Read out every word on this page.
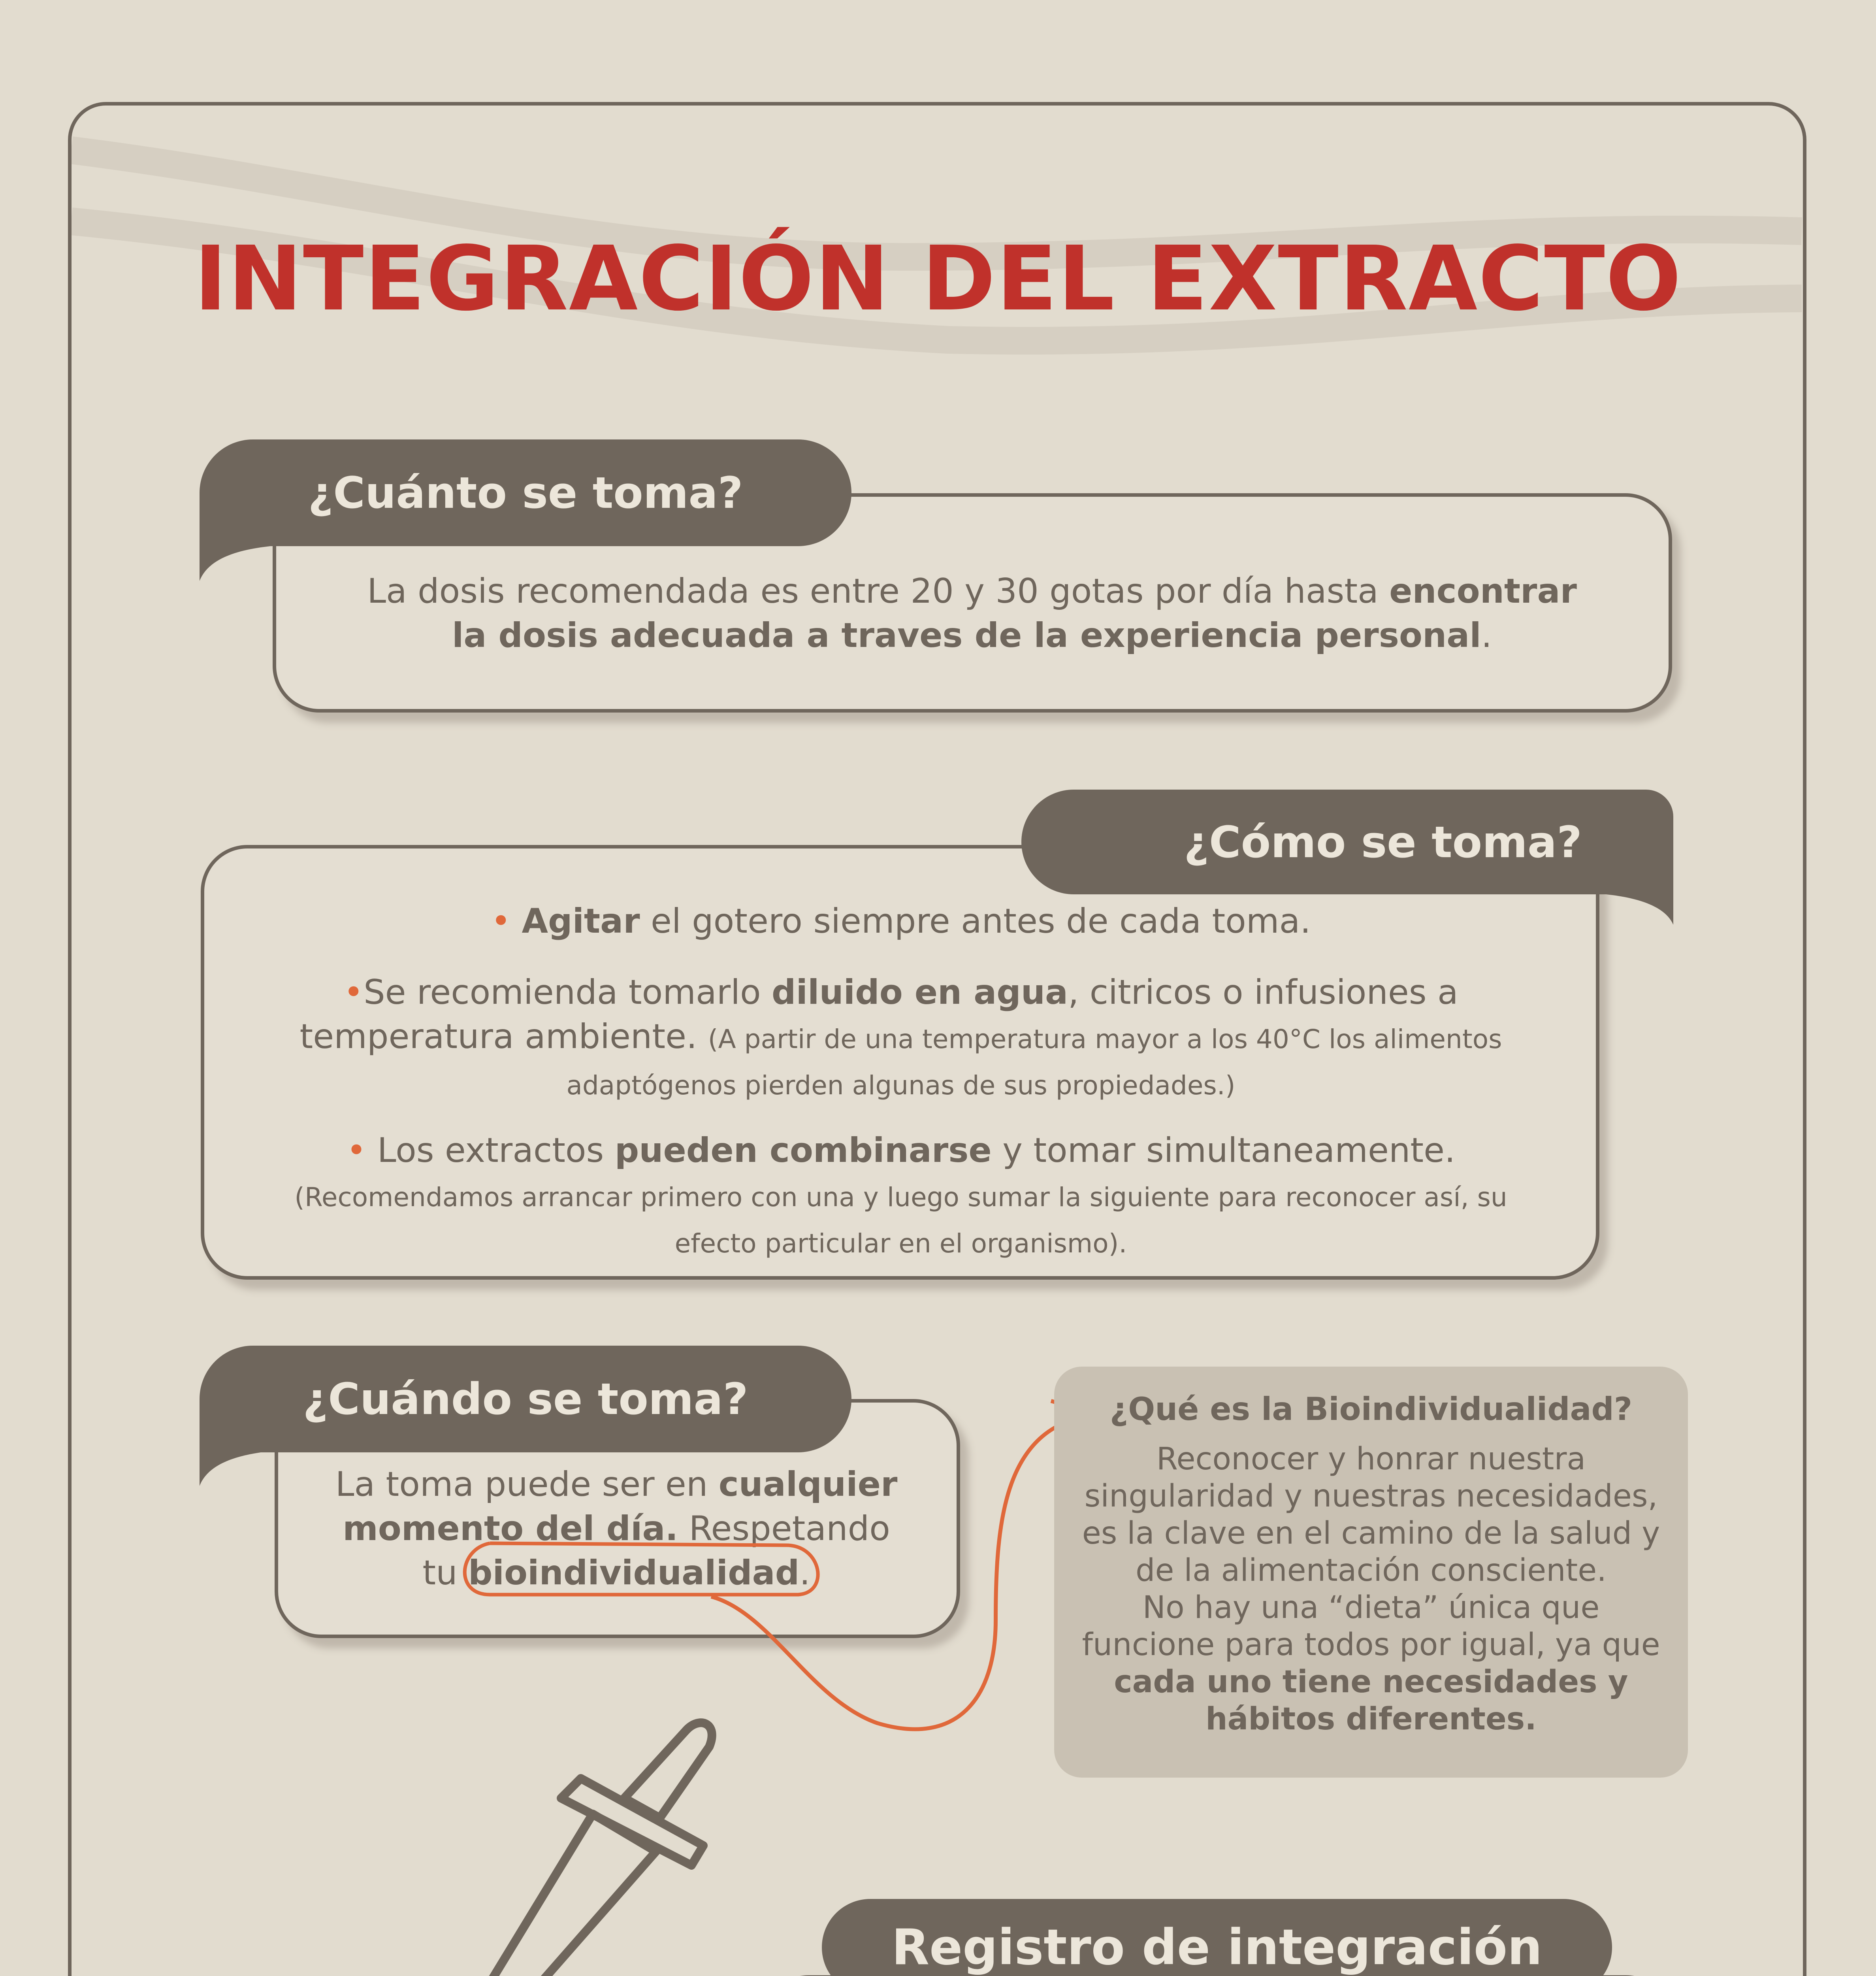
INTEGRACIÓN DEL EXTRACTO
¿Cuánto se toma?
La dosis recomendada es entre 20 y 30 gotas por día hasta encontrar
la dosis adecuada a traves de la experiencia personal.
¿Cómo se toma?
• Agitar el gotero siempre antes de cada toma.
•Se recomienda tomarlo diluido en agua, citricos o infusiones a
temperatura ambiente. (A partir de una temperatura mayor a los 40°C los alimentos
adaptógenos pierden algunas de sus propiedades.)
• Los extractos pueden combinarse y tomar simultaneamente.
(Recomendamos arrancar primero con una y luego sumar la siguiente para reconocer así, su
efecto particular en el organismo).
¿Cuándo se toma?
La toma puede ser en cualquier
momento del día. Respetando
tu bioindividualidad.
¿Qué es la Bioindividualidad?
Reconocer y honrar nuestra
singularidad y nuestras necesidades,
es la clave en el camino de la salud y
de la alimentación consciente.
No hay una “dieta” única que
funcione para todos por igual, ya que
cada uno tiene necesidades y
hábitos diferentes.
Registro de integración
